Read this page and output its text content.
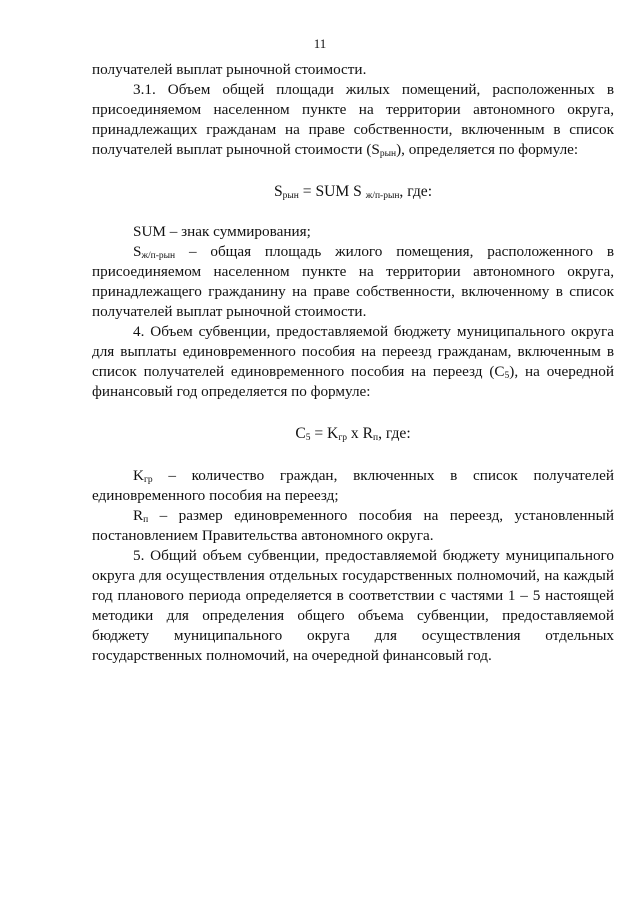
11

получателей выплат рыночной стоимости.

3.1. Объем общей площади жилых помещений, расположенных в присоединяемом населенном пункте на территории автономного округа, принадлежащих гражданам на праве собственности, включенным в список получателей выплат рыночной стоимости $(S_{рын})$, определяется по формуле:

$S_{рын}$ = SUM S $_{ж/п-рын}$, где:

SUM – знак суммирования;

$S_{ж/п-рын}$ – общая площадь жилого помещения, расположенного в присоединяемом населенном пункте на территории автономного округа, принадлежащего гражданину на праве собственности, включенному в список получателей выплат рыночной стоимости.

4. Объем субвенции, предоставляемой бюджету муниципального округа для выплаты единовременного пособия на переезд гражданам, включенным в список получателей единовременного пособия на переезд $(С_5)$, на очередной финансовый год определяется по формуле:

$С_5 = K_{гр}$ x $R_п$, где:

$K_{гр}$ – количество граждан, включенных в список получателей единовременного пособия на переезд;

$R_п$ – размер единовременного пособия на переезд, установленный постановлением Правительства автономного округа.

5. Общий объем субвенции, предоставляемой бюджету муниципального округа для осуществления отдельных государственных полномочий, на каждый год планового периода определяется в соответствии с частями 1 – 5 настоящей методики для определения общего объема субвенции, предоставляемой бюджету муниципального округа для осуществления отдельных государственных полномочий, на очередной финансовый год.
